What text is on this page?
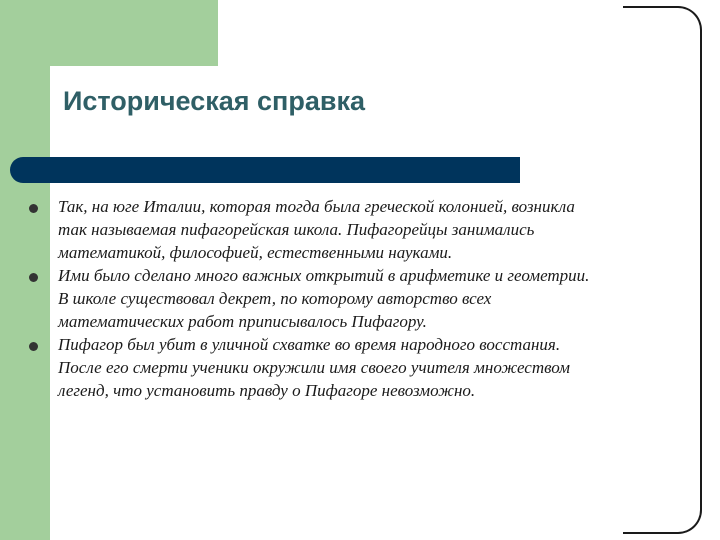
Историческая справка
Так, на юге Италии, которая тогда была греческой колонией, возникла так называемая пифагорейская школа. Пифагорейцы занимались математикой, философией, естественными науками.
Ими было сделано много важных открытий в арифметике и геометрии. В школе существовал декрет, по которому авторство всех математических работ приписывалось Пифагору.
Пифагор был убит в уличной схватке во время народного восстания. После его смерти ученики окружили имя своего учителя множеством легенд, что установить правду о Пифагоре невозможно.
